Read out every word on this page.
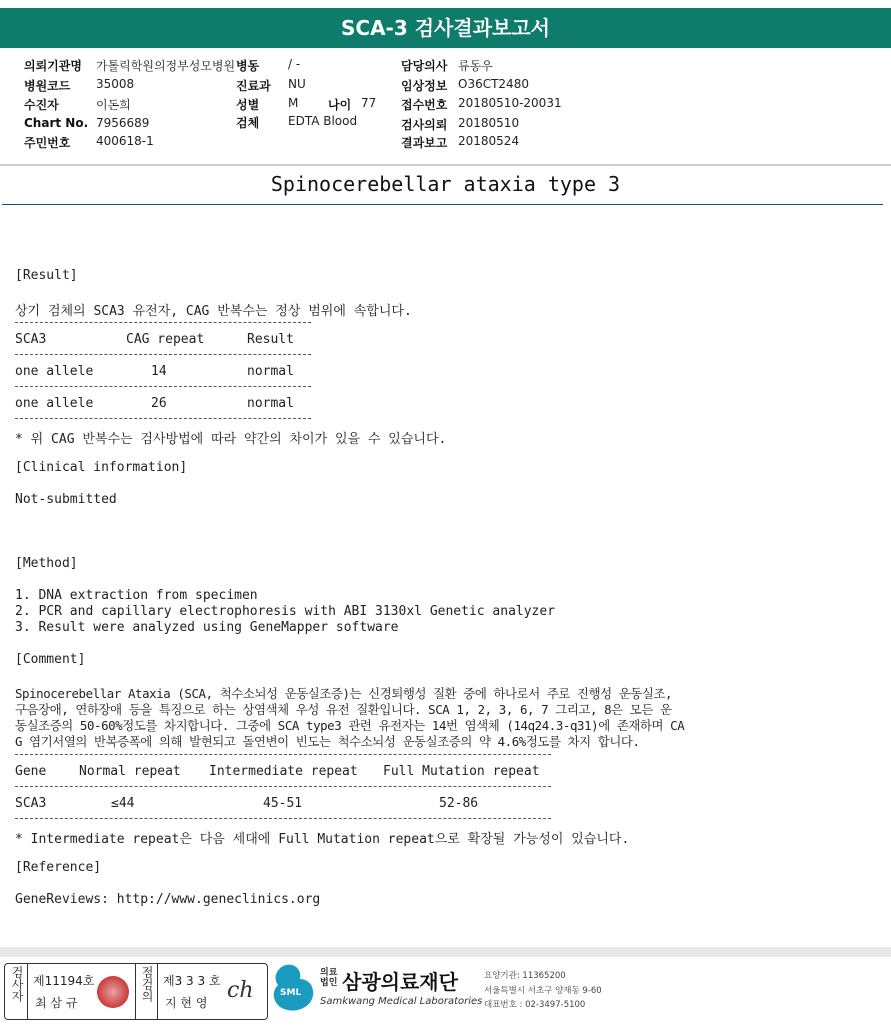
SCA-3 검사결과보고서
의뢰기관명 가톨릭학원의정부성모병원 병동 / -	담당의사 류동우
병원코드 35008	진료과 NU	임상정보 O36CT2480
수진자	이돈희	성별 M 나이 77 접수번호 20180510-20031
Chart No. 7956689	검체 EDTA Blood	검사의뢰 20180510
주민번호 400618-1	결과보고 20180524
Spinocerebellar ataxia type 3
[Result]
상기 검체의 SCA3 유전자, CAG 반복수는 정상 범위에 속합니다.
SCA3	CAG repeat	Result
one allele	14	normal
one allele	26	normal
* 위 CAG 반복수는 검사방법에 따라 약간의 차이가 있을 수 있습니다.
[Clinical information]
Not-submitted
[Method]
1. DNA extraction from specimen
2. PCR and capillary electrophoresis with ABI 3130xl Genetic analyzer
3. Result were analyzed using GeneMapper software
[Comment]
Spinocerebellar Ataxia (SCA, 척수소뇌성 운동실조증)는 신경퇴행성 질환 중에 하나로서 주로 진행성 운동실조,
구음장애, 연하장애 등을 특징으로 하는 상염색체 우성 유전 질환입니다. SCA 1, 2, 3, 6, 7 그리고, 8은 모든 운
동실조증의 50-60%정도를 차지합니다. 그중에 SCA type3 관련 유전자는 14번 염색체 (14q24.3-q31)에 존재하며 CA
G 염기서열의 반복증폭에 의해 발현되고 돌연변이 빈도는 척수소뇌성 운동실조증의 약 4.6%정도를 차지 합니다.
Gene	Normal repeat Intermediate repeat Full Mutation repeat
SCA3	≤44	45-51	52-86
* Intermediate repeat은 다음 세대에 Full Mutation repeat으로 확장될 가능성이 있습니다.
[Reference]
GeneReviews: http://www.geneclinics.org
검사자 제11194호
최 삼 규
점검의 제3 3 3 호
지 현 영 ch	SML
의료
법인 삼광의료재단
Samkwang Medical Laboratories
요양기관: 11365200
서울특별시 서초구 양재동 9-60
대표번호 : 02-3497-5100
